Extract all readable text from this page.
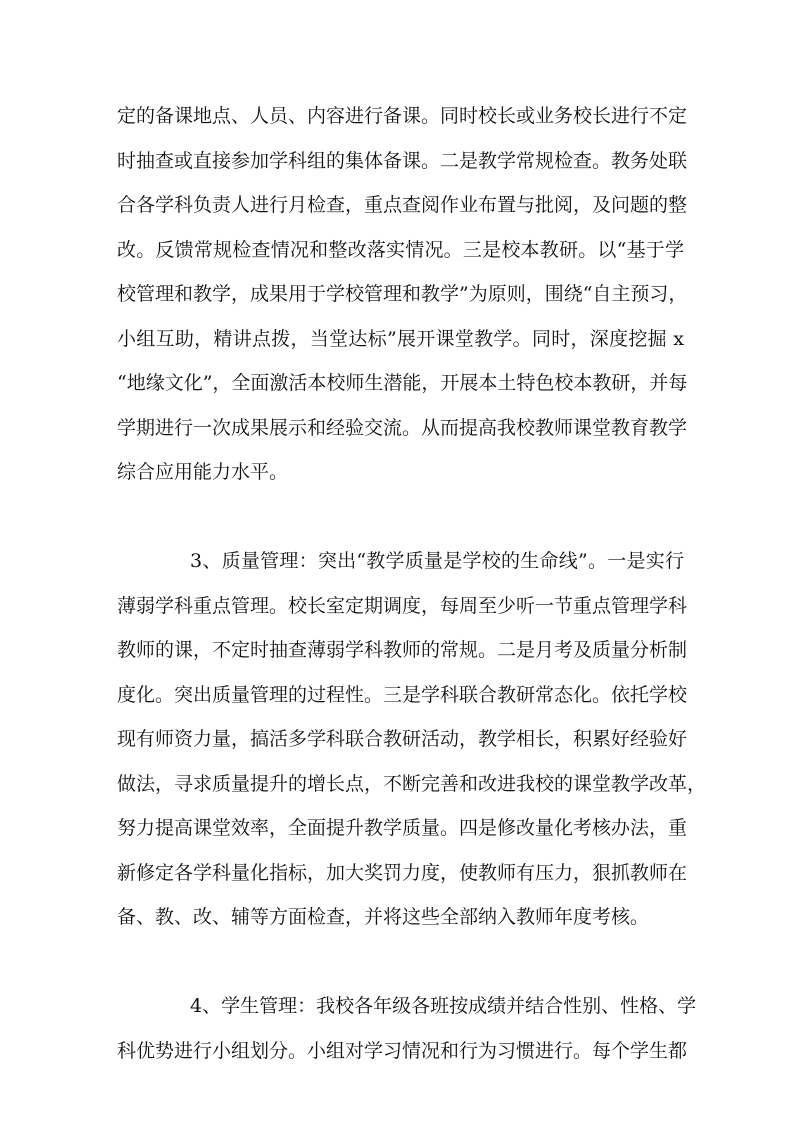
定的备课地点、人员、内容进行备课。同时校长或业务校长进行不定
时抽查或直接参加学科组的集体备课。二是教学常规检查。教务处联
合各学科负责人进行月检查，重点查阅作业布置与批阅，及问题的整
改。反馈常规检查情况和整改落实情况。三是校本教研。以“基于学
校管理和教学，成果用于学校管理和教学”为原则，围绕“自主预习，
小组互助，精讲点拨，当堂达标”展开课堂教学。同时，深度挖掘 x
“地缘文化”，全面激活本校师生潜能，开展本土特色校本教研，并每
学期进行一次成果展示和经验交流。从而提高我校教师课堂教育教学
综合应用能力水平。
3、质量管理：突出“教学质量是学校的生命线”。一是实行
薄弱学科重点管理。校长室定期调度，每周至少听一节重点管理学科
教师的课，不定时抽查薄弱学科教师的常规。二是月考及质量分析制
度化。突出质量管理的过程性。三是学科联合教研常态化。依托学校
现有师资力量，搞活多学科联合教研活动，教学相长，积累好经验好
做法，寻求质量提升的增长点，不断完善和改进我校的课堂教学改革，
努力提高课堂效率，全面提升教学质量。四是修改量化考核办法，重
新修定各学科量化指标，加大奖罚力度，使教师有压力，狠抓教师在
备、教、改、辅等方面检查，并将这些全部纳入教师年度考核。
4、学生管理：我校各年级各班按成绩并结合性别、性格、学
科优势进行小组划分。小组对学习情况和行为习惯进行。每个学生都
